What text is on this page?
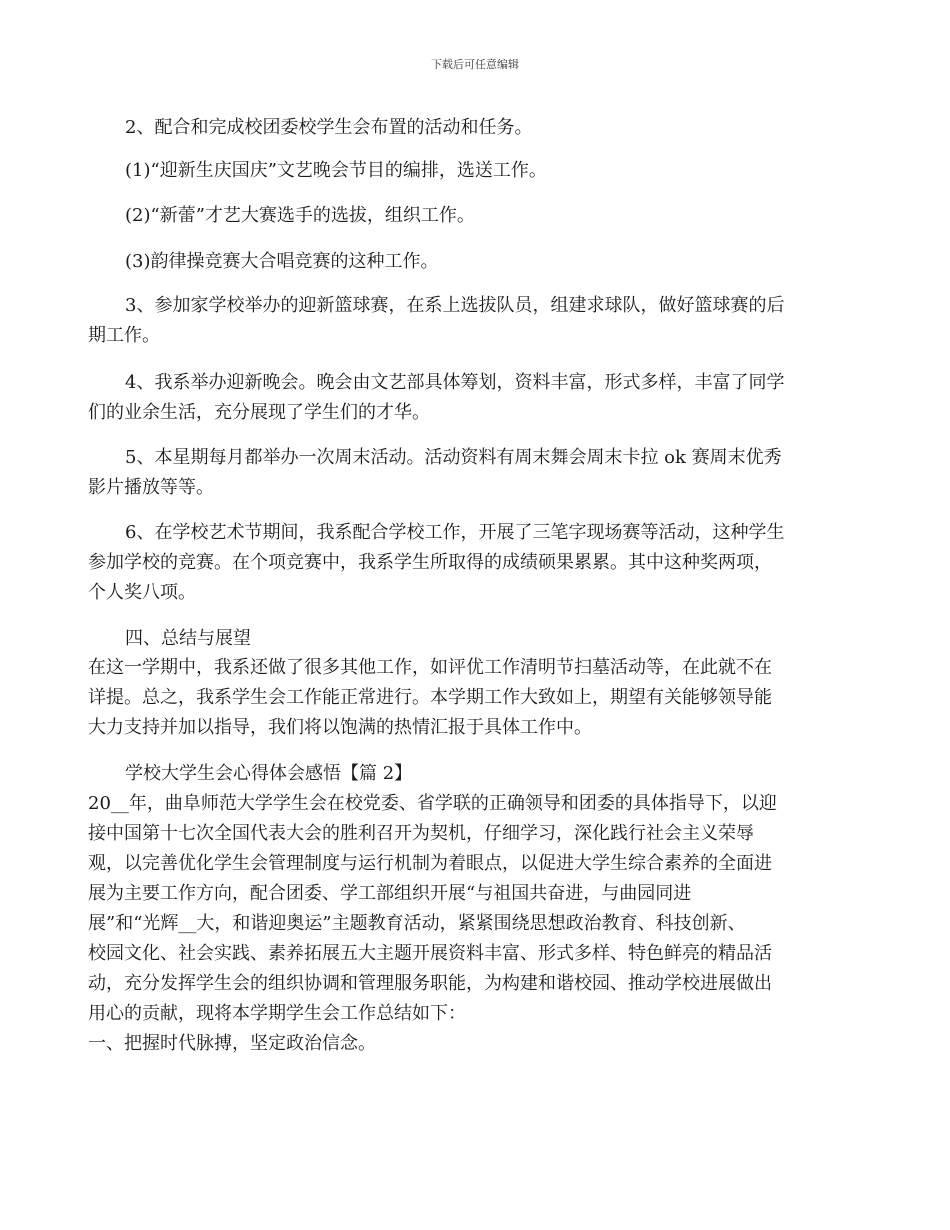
下载后可任意编辑

2、配合和完成校团委校学生会布置的活动和任务。

(1)“迎新生庆国庆”文艺晚会节目的编排，选送工作。

(2)“新蕾”才艺大赛选手的选拔，组织工作。

(3)韵律操竞赛大合唱竞赛的这种工作。

3、参加家学校举办的迎新篮球赛，在系上选拔队员，组建求球队，做好篮球赛的后

期工作。

4、我系举办迎新晚会。晚会由文艺部具体筹划，资料丰富，形式多样，丰富了同学

们的业余生活，充分展现了学生们的才华。

5、本星期每月都举办一次周末活动。活动资料有周末舞会周末卡拉 ok 赛周末优秀

影片播放等等。

6、在学校艺术节期间，我系配合学校工作，开展了三笔字现场赛等活动，这种学生

参加学校的竞赛。在个项竞赛中，我系学生所取得的成绩硕果累累。其中这种奖两项，

个人奖八项。

四、总结与展望

在这一学期中，我系还做了很多其他工作，如评优工作清明节扫墓活动等，在此就不在

详提。总之，我系学生会工作能正常进行。本学期工作大致如上，期望有关能够领导能

大力支持并加以指导，我们将以饱满的热情汇报于具体工作中。

学校大学生会心得体会感悟【篇 2】

20__年，曲阜师范大学学生会在校党委、省学联的正确领导和团委的具体指导下，以迎

接中国第十七次全国代表大会的胜利召开为契机，仔细学习，深化践行社会主义荣辱

观，以完善优化学生会管理制度与运行机制为着眼点，以促进大学生综合素养的全面进

展为主要工作方向，配合团委、学工部组织开展“与祖国共奋进，与曲园同进

展”和“光辉__大，和谐迎奥运”主题教育活动，紧紧围绕思想政治教育、科技创新、

校园文化、社会实践、素养拓展五大主题开展资料丰富、形式多样、特色鲜亮的精品活

动，充分发挥学生会的组织协调和管理服务职能，为构建和谐校园、推动学校进展做出

用心的贡献，现将本学期学生会工作总结如下：

一、把握时代脉搏，坚定政治信念。
